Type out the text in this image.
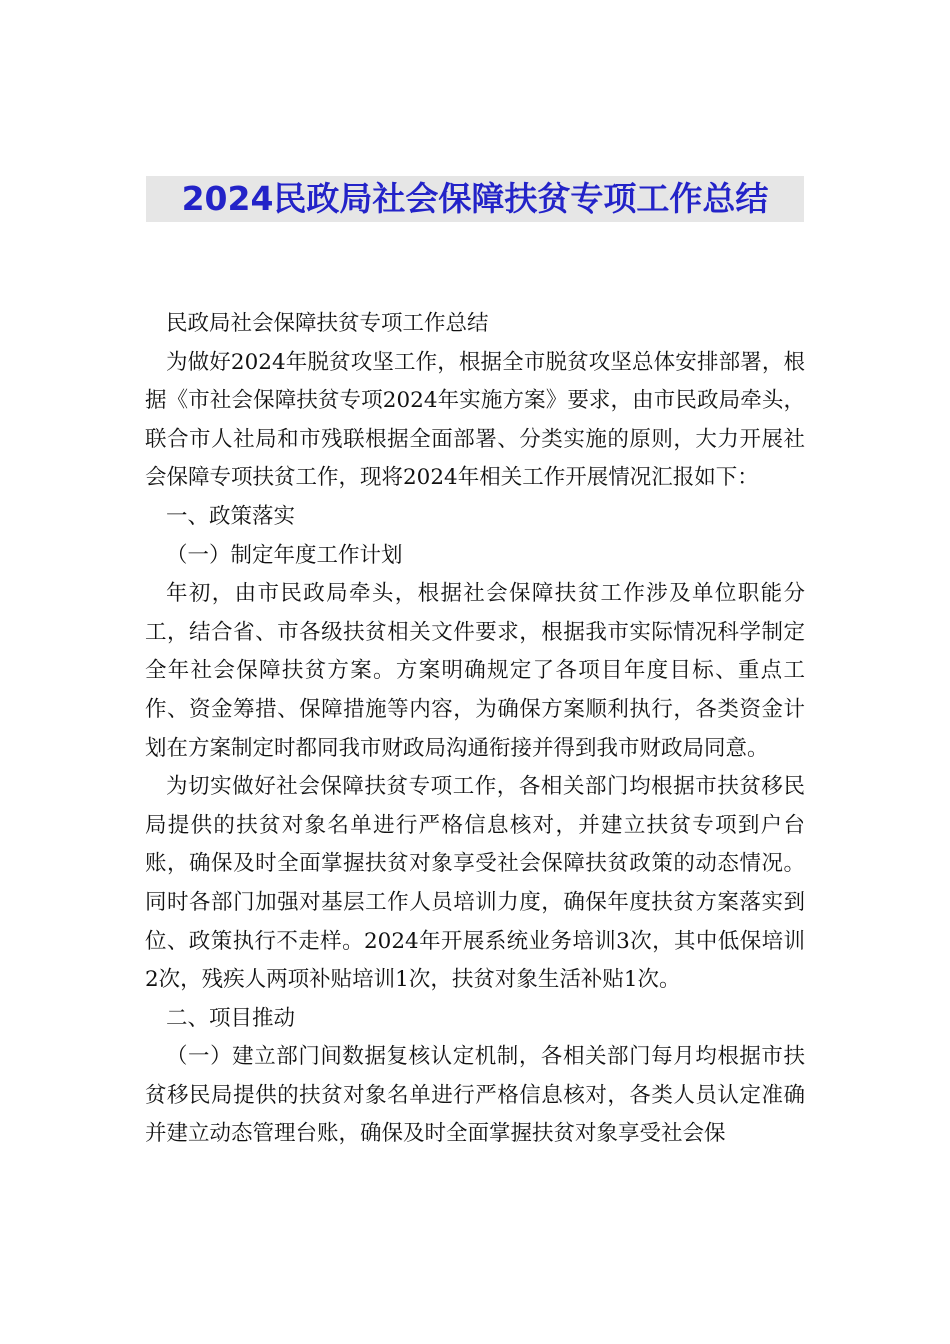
2024民政局社会保障扶贫专项工作总结

民政局社会保障扶贫专项工作总结

为做好2024年脱贫攻坚工作，根据全市脱贫攻坚总体安排部署，根据《市社会保障扶贫专项2024年实施方案》要求，由市民政局牵头，联合市人社局和市残联根据全面部署、分类实施的原则，大力开展社会保障专项扶贫工作，现将2024年相关工作开展情况汇报如下：

一、政策落实

（一）制定年度工作计划

年初，由市民政局牵头，根据社会保障扶贫工作涉及单位职能分工，结合省、市各级扶贫相关文件要求，根据我市实际情况科学制定全年社会保障扶贫方案。方案明确规定了各项目年度目标、重点工作、资金筹措、保障措施等内容，为确保方案顺利执行，各类资金计划在方案制定时都同我市财政局沟通衔接并得到我市财政局同意。

为切实做好社会保障扶贫专项工作，各相关部门均根据市扶贫移民局提供的扶贫对象名单进行严格信息核对，并建立扶贫专项到户台账，确保及时全面掌握扶贫对象享受社会保障扶贫政策的动态情况。同时各部门加强对基层工作人员培训力度，确保年度扶贫方案落实到位、政策执行不走样。2024年开展系统业务培训3次，其中低保培训2次，残疾人两项补贴培训1次，扶贫对象生活补贴1次。

二、项目推动

（一）建立部门间数据复核认定机制，各相关部门每月均根据市扶贫移民局提供的扶贫对象名单进行严格信息核对，各类人员认定准确并建立动态管理台账，确保及时全面掌握扶贫对象享受社会保
